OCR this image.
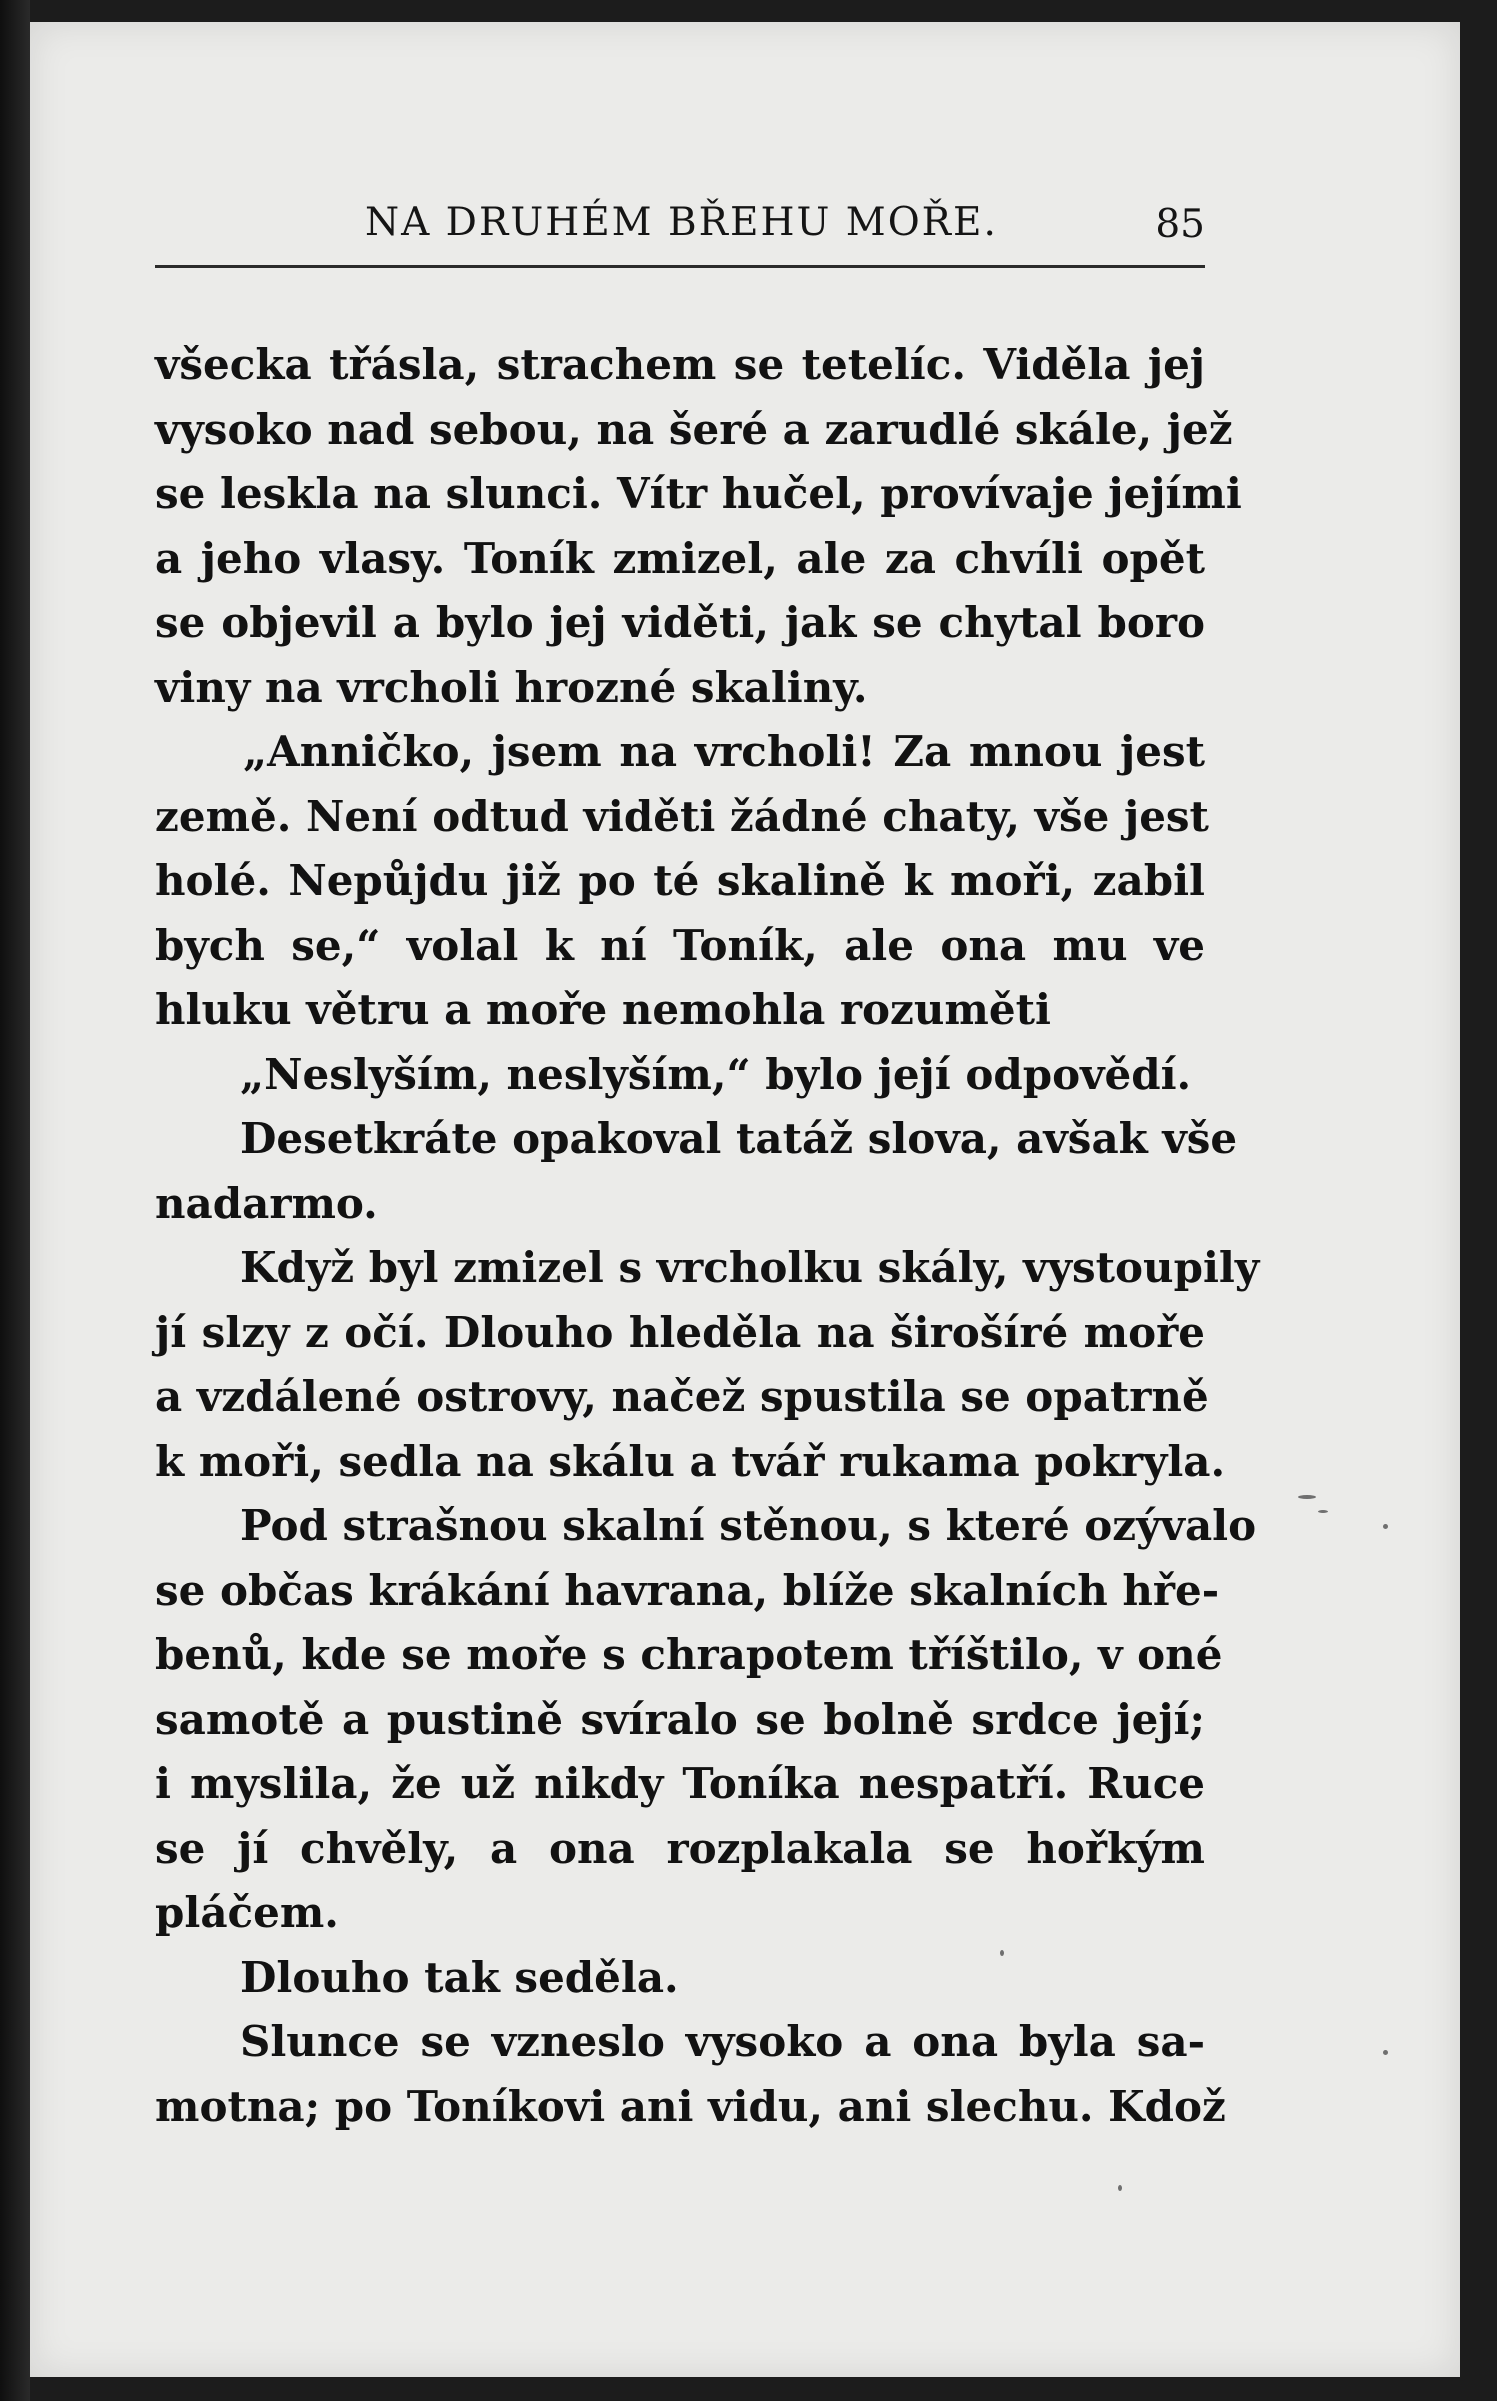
NA DRUHÉM BŘEHU MOŘE.	85
všecka třásla, strachem se tetelíc. Viděla jej
vysoko nad sebou, na šeré a zarudlé skále, jež
se leskla na slunci. Vítr hučel, provívaje jejími
a jeho vlasy. Toník zmizel, ale za chvíli opět
se objevil a bylo jej viděti, jak se chytal boro
viny na vrcholi hrozné skaliny.
„Anničko, jsem na vrcholi! Za mnou jest
země. Není odtud viděti žádné chaty, vše jest
holé. Nepůjdu již po té skalině k moři, zabil
bych se,“ volal k ní Toník, ale ona mu ve
hluku větru a moře nemohla rozuměti
„Neslyším, neslyším,“ bylo její odpovědí.
Desetkráte opakoval tatáž slova, avšak vše
nadarmo.
Když byl zmizel s vrcholku skály, vystoupily
jí slzy z očí. Dlouho hleděla na širošíré moře
a vzdálené ostrovy, načež spustila se opatrně
k moři, sedla na skálu a tvář rukama pokryla.
Pod strašnou skalní stěnou, s které ozývalo
se občas krákání havrana, blíže skalních hře-
benů, kde se moře s chrapotem tříštilo, v oné
samotě a pustině svíralo se bolně srdce její;
i myslila, že už nikdy Toníka nespatří. Ruce
se jí chvěly, a ona rozplakala se hořkým
pláčem.
Dlouho tak seděla.
Slunce se vzneslo vysoko a ona byla sa-
motna; po Toníkovi ani vidu, ani slechu. Kdož
